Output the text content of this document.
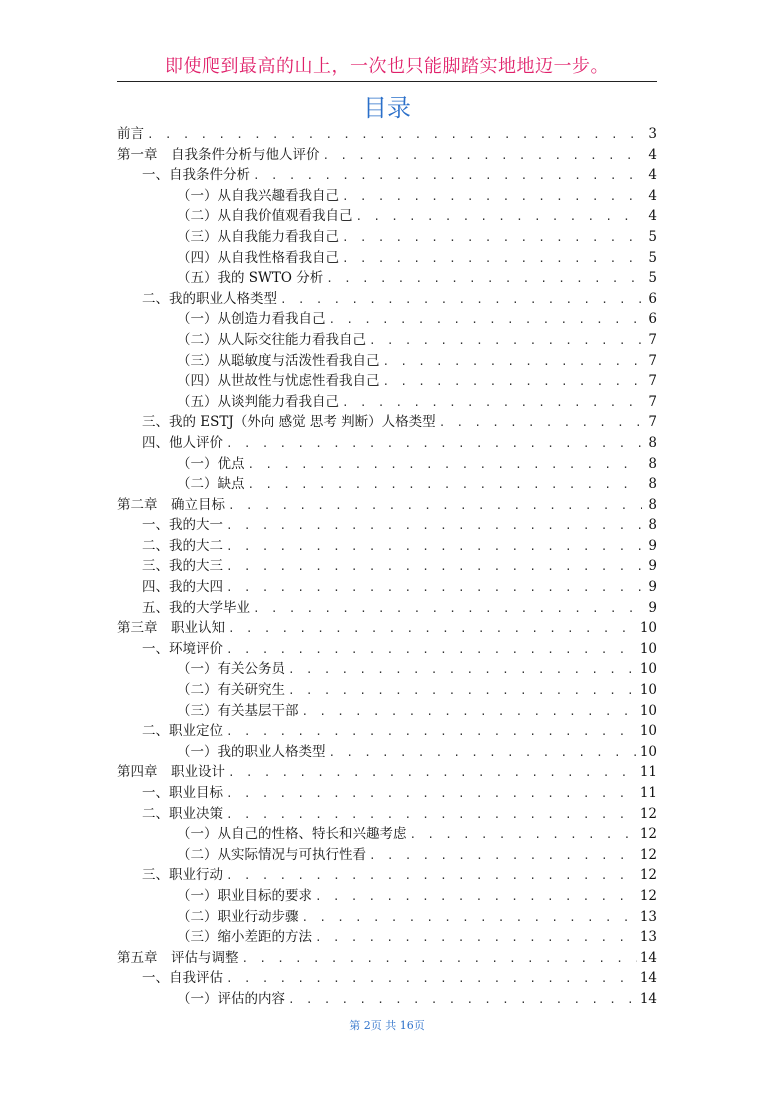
即使爬到最高的山上，一次也只能脚踏实地地迈一步。
目录
前言 . . .	3
第一章　自我条件分析与他人评价 . . .	4
一、自我条件分析 . . .	4
（一）从自我兴趣看我自己 . . .	4
（二）从自我价值观看我自己 . . .	4
（三）从自我能力看我自己 . . .	5
（四）从自我性格看我自己 . . .	5
（五）我的 SWTO 分析 . . .	5
二、我的职业人格类型 . . .	6
（一）从创造力看我自己 . . .	6
（二）从人际交往能力看我自己 . . .	7
（三）从聪敏度与活泼性看我自己 . . .	7
（四）从世故性与忧虑性看我自己 . . .	7
（五）从谈判能力看我自己 . . .	7
三、我的 ESTJ（外向 感觉 思考 判断）人格类型 . . .	7
四、他人评价 . . .	8
（一）优点 . . .	8
（二）缺点 . . .	8
第二章　确立目标 . . .	8
一、我的大一 . . .	8
二、我的大二 . . .	9
三、我的大三 . . .	9
四、我的大四 . . .	9
五、我的大学毕业 . . .	9
第三章　职业认知 . . .	10
一、环境评价 . . .	10
（一）有关公务员 . . .	10
（二）有关研究生 . . .	10
（三）有关基层干部 . . .	10
二、职业定位 . . .	10
（一）我的职业人格类型 . . .	10
第四章　职业设计 . . .	11
一、职业目标 . . .	11
二、职业决策 . . .	12
（一）从自己的性格、特长和兴趣考虑 . . .	12
（二）从实际情况与可执行性看 . . .	12
三、职业行动 . . .	12
（一）职业目标的要求 . . .	12
（二）职业行动步骤 . . .	13
（三）缩小差距的方法 . . .	13
第五章　评估与调整 . . .	14
一、自我评估 . . .	14
（一）评估的内容 . . .	14
第 2页 共 16页
